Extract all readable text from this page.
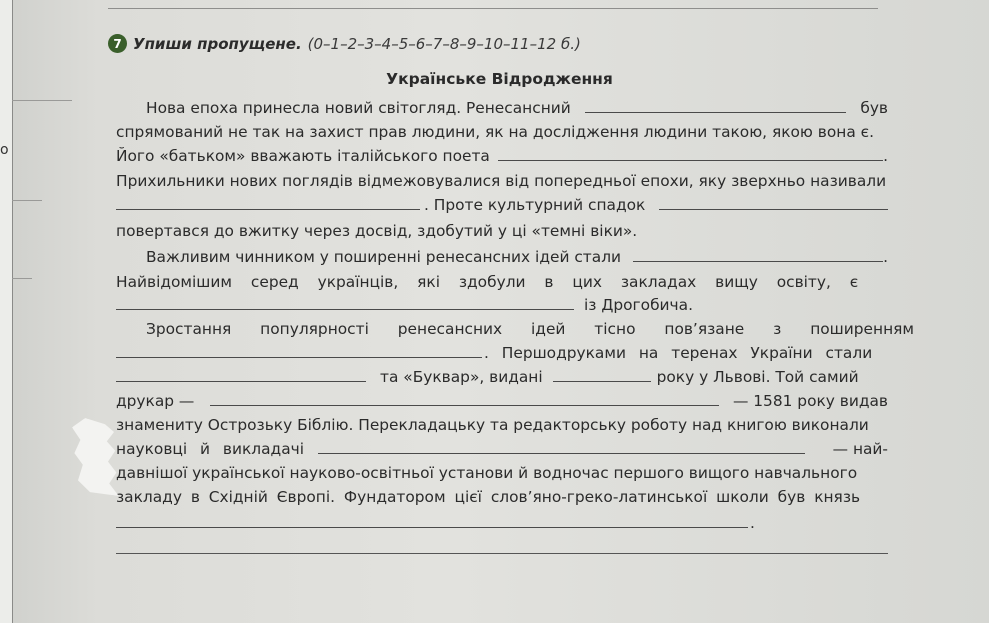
о
7 Упиши пропущене. (0–1–2–3–4–5–6–7–8–9–10–11–12 б.)
Українське Відродження
Нова епоха принесла новий світогляд. Ренесансний	був
спрямований не так на захист прав людини, як на дослідження людини такою, якою вона є.
Його «батьком» вважають італійського поета	.
Прихильники нових поглядів відмежовувалися від попередньої епохи, яку зверхньо називали
. Проте культурний спадок
повертався до вжитку через досвід, здобутий у ці «темні віки».
Важливим чинником у поширенні ренесансних ідей стали	.
Найвідомішим серед українців, які здобули в цих закладах вищу освіту, є
із Дрогобича.
Зростання популярності ренесансних ідей тісно пов’язане з поширенням
. Першодруками на теренах України стали
та «Буквар», видані	року у Львові. Той самий
друкар —	— 1581 року видав
знамениту Острозьку Біблію. Перекладацьку та редакторську роботу над книгою виконали
науковці й викладачі	— най-
давнішої української науково-освітньої установи й водночас першого вищого навчального
закладу в Східній Європі. Фундатором цієї слов’яно-греко-латинської школи був князь
.
